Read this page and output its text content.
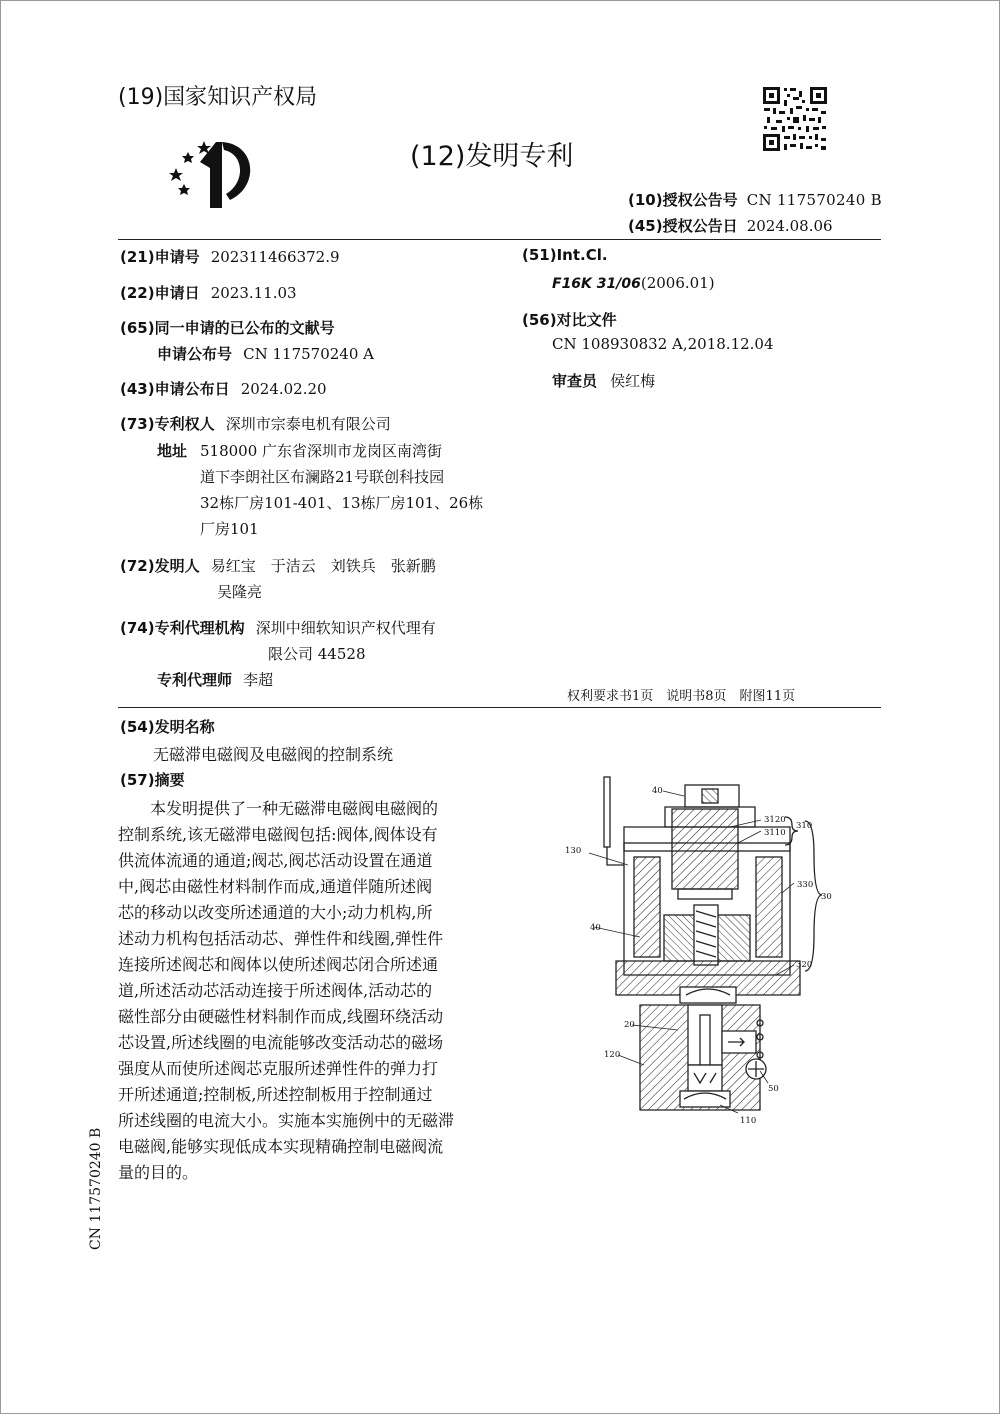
(19)国家知识产权局
(12)发明专利
(10)授权公告号 CN 117570240 B
(45)授权公告日 2024.08.06
(21)申请号 202311466372.9
(22)申请日 2023.11.03
(65)同一申请的已公布的文献号
申请公布号 CN 117570240 A
(43)申请公布日 2024.02.20
(73)专利权人 深圳市宗泰电机有限公司
地址 518000 广东省深圳市龙岗区南湾街
道下李朗社区布澜路21号联创科技园
32栋厂房101-401、13栋厂房101、26栋
厂房101
(72)发明人 易红宝　于洁云　刘铁兵　张新鹏
吴隆亮
(74)专利代理机构 深圳中细软知识产权代理有
限公司 44528
专利代理师 李超
(51)Int.Cl.
F16K 31/06(2006.01)
(56)对比文件
CN 108930832 A,2018.12.04
审查员 侯红梅
权利要求书1页　说明书8页　附图11页
(54)发明名称
无磁滞电磁阀及电磁阀的控制系统
(57)摘要
　　本发明提供了一种无磁滞电磁阀电磁阀的
控制系统,该无磁滞电磁阀包括:阀体,阀体设有
供流体流通的通道;阀芯,阀芯活动设置在通道
中,阀芯由磁性材料制作而成,通道伴随所述阀
芯的移动以改变所述通道的大小;动力机构,所
述动力机构包括活动芯、弹性件和线圈,弹性件
连接所述阀芯和阀体以使所述阀芯闭合所述通
道,所述活动芯活动连接于所述阀体,活动芯的
磁性部分由硬磁性材料制作而成,线圈环绕活动
芯设置,所述线圈的电流能够改变活动芯的磁场
强度从而使所述阀芯克服所述弹性件的弹力打
开所述通道;控制板,所述控制板用于控制通过
所述线圈的电流大小。实施本实施例中的无磁滞
电磁阀,能够实现低成本实现精确控制电磁阀流
量的目的。
CN 117570240 B
40
3120
3110
310
130
330
30
40
320
20
120
50
110
